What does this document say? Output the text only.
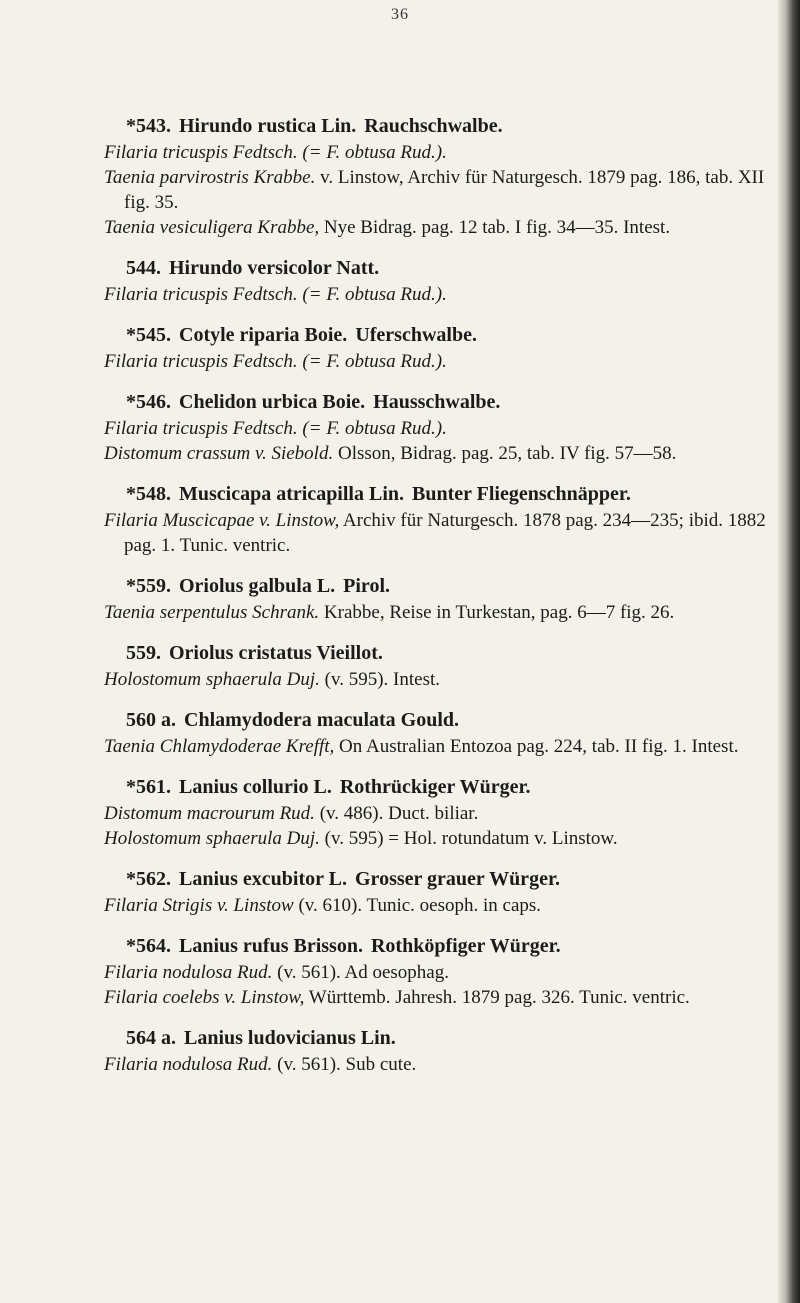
36
*543. Hirundo rustica Lin. Rauchschwalbe.
Filaria tricuspis Fedtsch. (= F. obtusa Rud.).
Taenia parvirostris Krabbe. v. Linstow, Archiv für Naturgesch. 1879 pag. 186, tab. XII fig. 35.
Taenia vesiculigera Krabbe, Nye Bidrag. pag. 12 tab. I fig. 34—35. Intest.
544. Hirundo versicolor Natt.
Filaria tricuspis Fedtsch. (= F. obtusa Rud.).
*545. Cotyle riparia Boie. Uferschwalbe.
Filaria tricuspis Fedtsch. (= F. obtusa Rud.).
*546. Chelidon urbica Boie. Hausschwalbe.
Filaria tricuspis Fedtsch. (= F. obtusa Rud.).
Distomum crassum v. Siebold. Olsson, Bidrag. pag. 25, tab. IV fig. 57—58.
*548. Muscicapa atricapilla Lin. Bunter Fliegenschnäpper.
Filaria Muscicapae v. Linstow, Archiv für Naturgesch. 1878 pag. 234—235; ibid. 1882 pag. 1. Tunic. ventric.
*559. Oriolus galbula L. Pirol.
Taenia serpentulus Schrank. Krabbe, Reise in Turkestan, pag. 6—7 fig. 26.
559. Oriolus cristatus Vieillot.
Holostomum sphaerula Duj. (v. 595). Intest.
560 a. Chlamydodera maculata Gould.
Taenia Chlamydoderae Krefft, On Australian Entozoa pag. 224, tab. II fig. 1. Intest.
*561. Lanius collurio L. Rothrückiger Würger.
Distomum macrourum Rud. (v. 486). Duct. biliar.
Holostomum sphaerula Duj. (v. 595) = Hol. rotundatum v. Linstow.
*562. Lanius excubitor L. Grosser grauer Würger.
Filaria Strigis v. Linstow (v. 610). Tunic. oesoph. in caps.
*564. Lanius rufus Brisson. Rothköpfiger Würger.
Filaria nodulosa Rud. (v. 561). Ad oesophag.
Filaria coelebs v. Linstow, Württemb. Jahresh. 1879 pag. 326. Tunic. ventric.
564 a. Lanius ludovicianus Lin.
Filaria nodulosa Rud. (v. 561). Sub cute.
